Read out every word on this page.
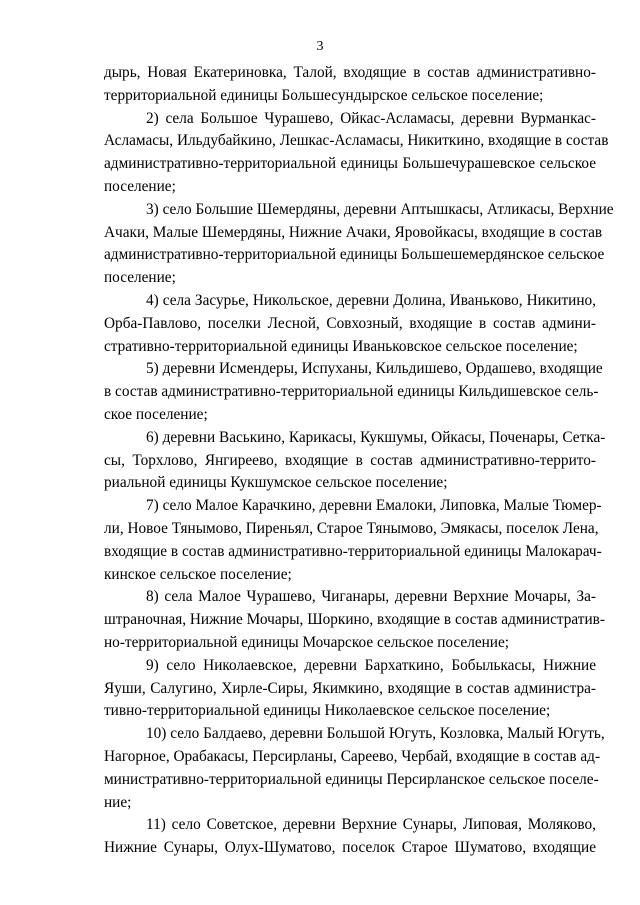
3
дырь, Новая Екатериновка, Талой, входящие в состав административно-
территориальной единицы Большесундырское сельское поселение;
2) села Большое Чурашево, Ойкас-Асламасы, деревни Вурманкас-
Асламасы, Ильдубайкино, Лешкас-Асламасы, Никиткино, входящие в состав
административно-территориальной единицы Большечурашевское сельское
поселение;
3) село Большие Шемердяны, деревни Аптышкасы, Атликасы, Верхние
Ачаки, Малые Шемердяны, Нижние Ачаки, Яровойкасы, входящие в состав
административно-территориальной единицы Большешемердянское сельское
поселение;
4) села Засурье, Никольское, деревни Долина, Иваньково, Никитино,
Орба-Павлово, поселки Лесной, Совхозный, входящие в состав админи-
стративно-территориальной единицы Иваньковское сельское поселение;
5) деревни Исмендеры, Испуханы, Кильдишево, Ордашево, входящие
в состав административно-территориальной единицы Кильдишевское сель-
ское поселение;
6) деревни Васькино, Карикасы, Кукшумы, Ойкасы, Поченары, Сетка-
сы, Торхлово, Янгиреево, входящие в состав административно-террито-
риальной единицы Кукшумское сельское поселение;
7) село Малое Карачкино, деревни Емалоки, Липовка, Малые Тюмер-
ли, Новое Тянымово, Пиреньял, Старое Тянымово, Эмякасы, поселок Лена,
входящие в состав административно-территориальной единицы Малокарач-
кинское сельское поселение;
8) села Малое Чурашево, Чиганары, деревни Верхние Мочары, За-
штраночная, Нижние Мочары, Шоркино, входящие в состав административ-
но-территориальной единицы Мочарское сельское поселение;
9) село Николаевское, деревни Бархаткино, Бобылькасы, Нижние
Яуши, Салугино, Хирле-Сиры, Якимкино, входящие в состав администра-
тивно-территориальной единицы Николаевское сельское поселение;
10) село Балдаево, деревни Большой Югуть, Козловка, Малый Югуть,
Нагорное, Орабакасы, Персирланы, Сареево, Чербай, входящие в состав ад-
министративно-территориальной единицы Персирланское сельское поселе-
ние;
11) село Советское, деревни Верхние Сунары, Липовая, Моляково,
Нижние Сунары, Олух-Шуматово, поселок Старое Шуматово, входящие
